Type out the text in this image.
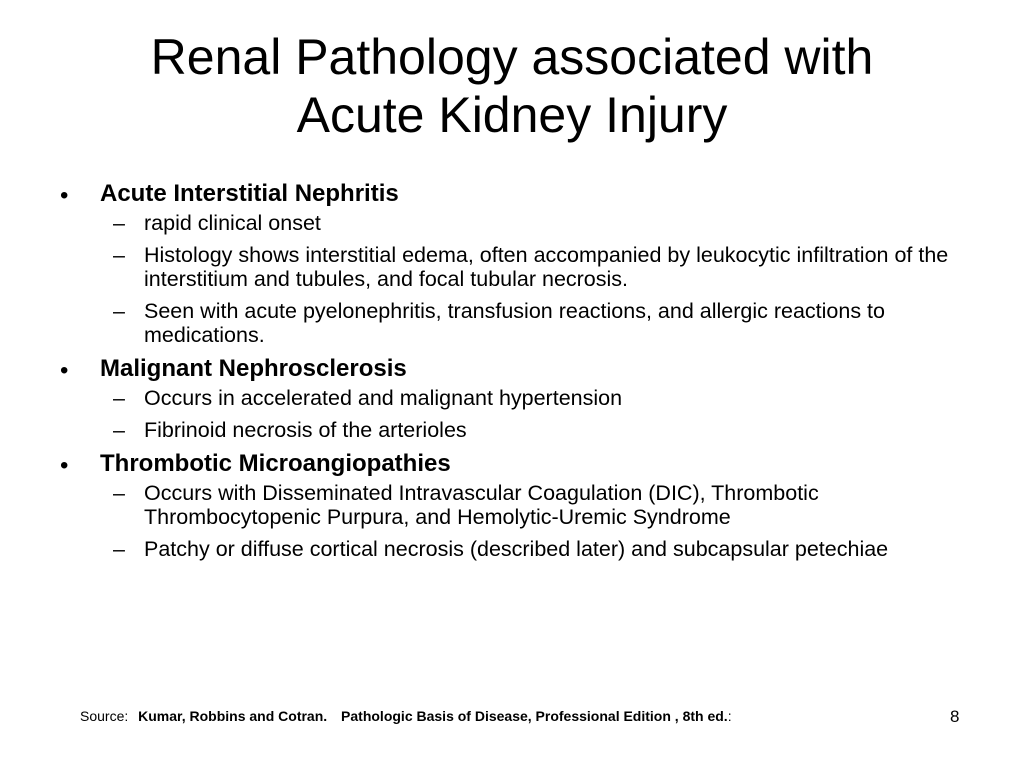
Renal Pathology associated with
Acute Kidney Injury
• Acute Interstitial Nephritis
– rapid clinical onset
– Histology shows interstitial edema, often accompanied by leukocytic infiltration of the interstitium and tubules, and focal tubular necrosis.
– Seen with acute pyelonephritis, transfusion reactions, and allergic reactions to medications.
• Malignant Nephrosclerosis
– Occurs in accelerated and malignant hypertension
– Fibrinoid necrosis of the arterioles
• Thrombotic Microangiopathies
– Occurs with Disseminated Intravascular Coagulation (DIC), Thrombotic Thrombocytopenic Purpura, and Hemolytic-Uremic Syndrome
– Patchy or diffuse cortical necrosis (described later) and subcapsular petechiae
Source: Kumar, Robbins and Cotran. Pathologic Basis of Disease, Professional Edition , 8th ed.:	8
